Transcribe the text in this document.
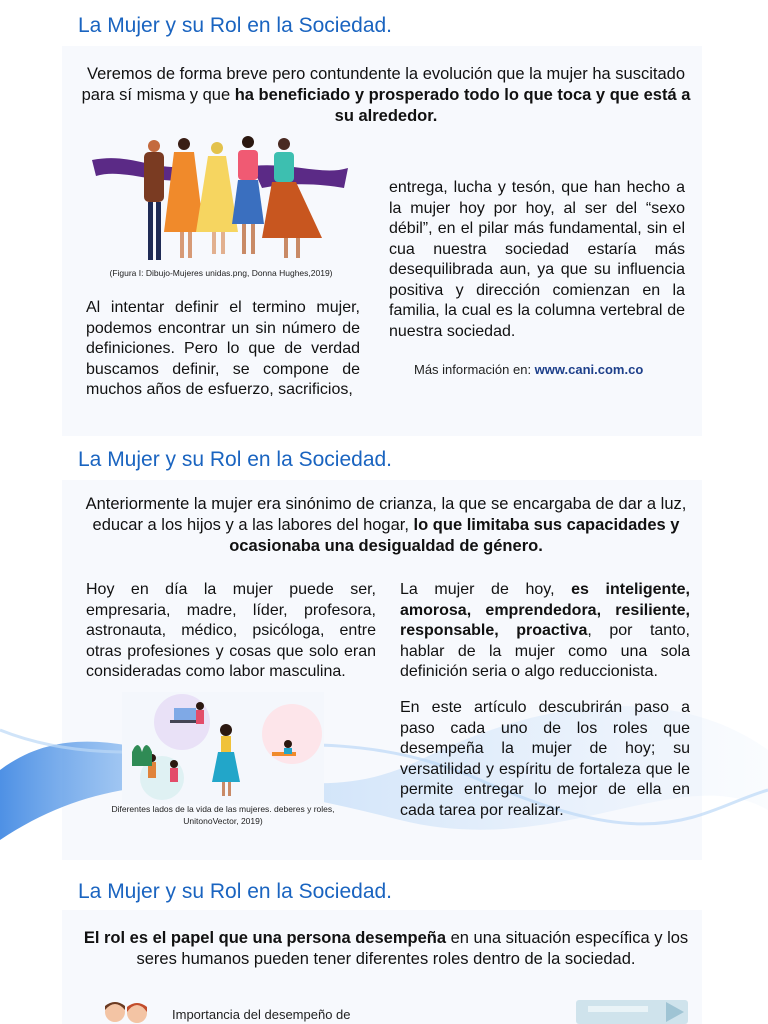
La Mujer y su Rol en la Sociedad.
Veremos de forma breve pero contundente la evolución que la mujer ha suscitado para sí misma y que ha beneficiado y prosperado todo lo que toca y que está a su alrededor.
(Figura I: Dibujo-Mujeres unidas.png, Donna Hughes,2019)
Al intentar definir el termino mujer, podemos encontrar un sin número de definiciones. Pero lo que de verdad buscamos definir, se compone de muchos años de esfuerzo, sacrificios,
entrega, lucha y tesón, que han hecho a la mujer hoy por hoy, al ser del “sexo débil”, en el pilar más fundamental, sin el cua nuestra sociedad estaría más desequilibrada aun, ya que su influencia positiva y dirección comienzan en la familia, la cual es la columna vertebral de nuestra sociedad.
Más información en: www.cani.com.co
La Mujer y su Rol en la Sociedad.
Anteriormente la mujer era sinónimo de crianza, la que se encargaba de dar a luz, educar a los hijos y a las labores del hogar, lo que limitaba sus capacidades y ocasionaba una desigualdad de género.
Hoy en día la mujer puede ser, empresaria, madre, líder, profesora, astronauta, médico, psicóloga, entre otras profesiones y cosas que solo eran consideradas como labor masculina.
La mujer de hoy, es inteligente, amorosa, emprendedora, resiliente, responsable, proactiva, por tanto, hablar de la mujer como una sola definición seria o algo reduccionista.
En este artículo descubrirán paso a paso cada uno de los roles que desempeña la mujer de hoy; su versatilidad y espíritu de fortaleza que le permite entregar lo mejor de ella en cada tarea por realizar.
Diferentes lados de la vida de las mujeres. deberes y roles,
UnitonoVector, 2019)
La Mujer y su Rol en la Sociedad.
El rol es el papel que una persona desempeña en una situación específica y los seres humanos pueden tener diferentes roles dentro de la sociedad.
Importancia del desempeño de
